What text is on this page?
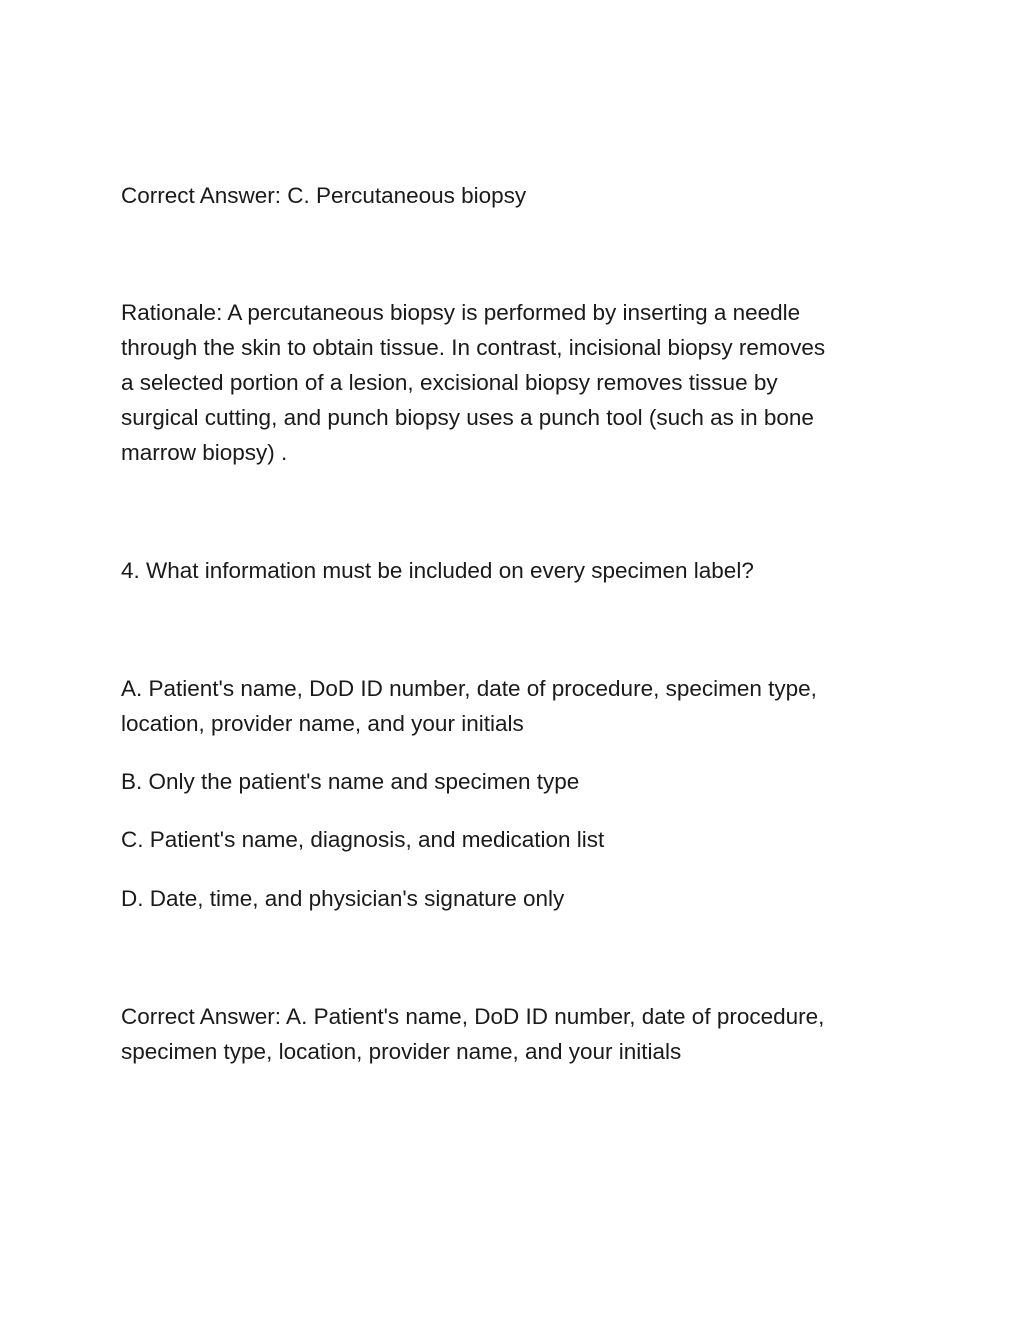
Correct Answer: C. Percutaneous biopsy

Rationale: A percutaneous biopsy is performed by inserting a needle
through the skin to obtain tissue. In contrast, incisional biopsy removes
a selected portion of a lesion, excisional biopsy removes tissue by
surgical cutting, and punch biopsy uses a punch tool (such as in bone
marrow biopsy) .

4. What information must be included on every specimen label?

A. Patient's name, DoD ID number, date of procedure, specimen type,
location, provider name, and your initials

B. Only the patient's name and specimen type

C. Patient's name, diagnosis, and medication list

D. Date, time, and physician's signature only

Correct Answer: A. Patient's name, DoD ID number, date of procedure,
specimen type, location, provider name, and your initials
